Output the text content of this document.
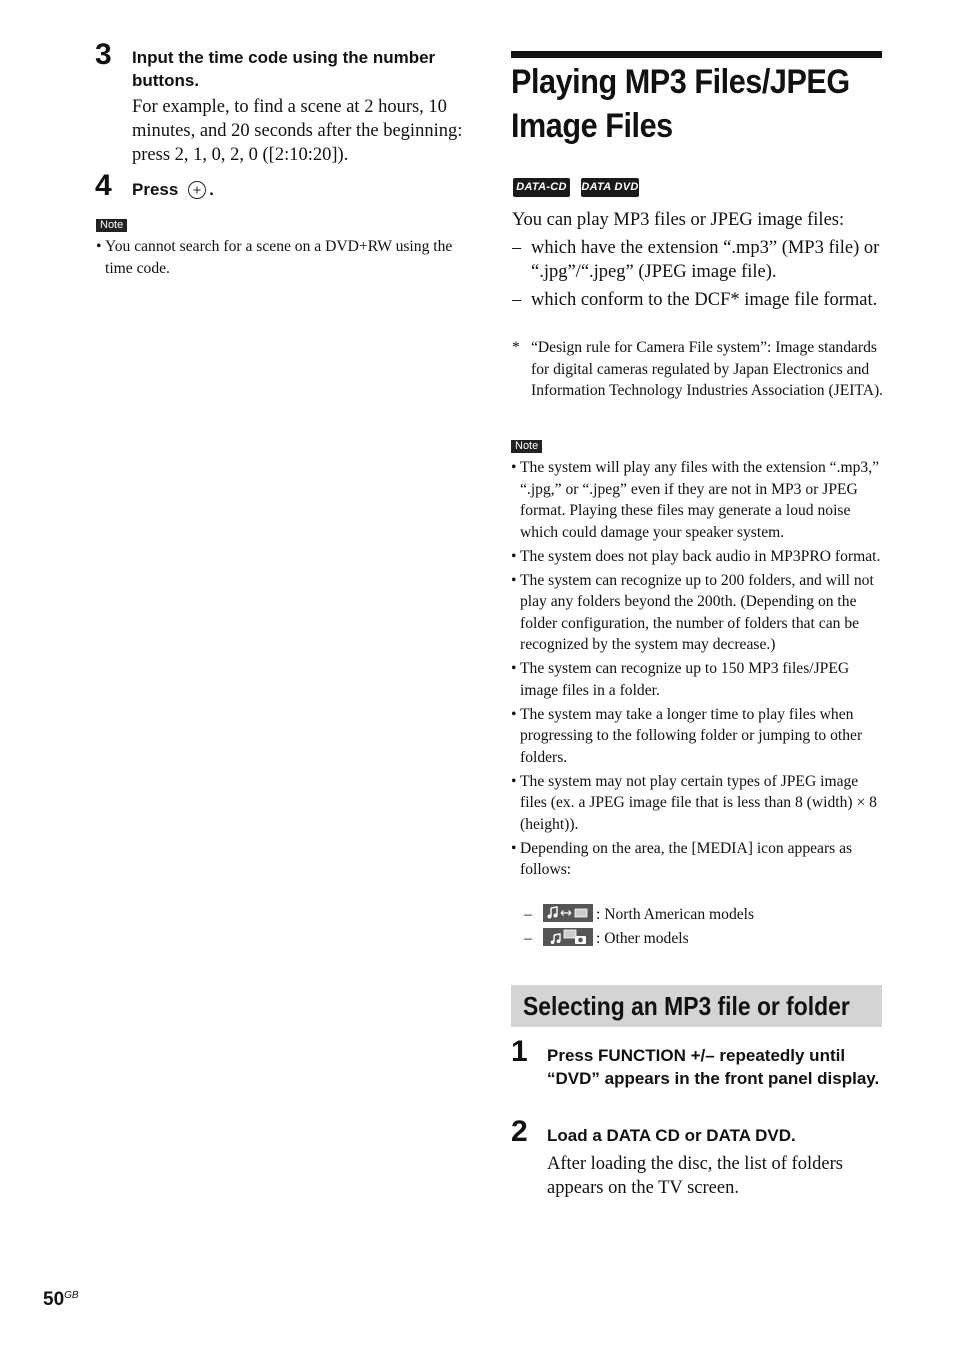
3 Input the time code using the number buttons.
For example, to find a scene at 2 hours, 10 minutes, and 20 seconds after the beginning: press 2, 1, 0, 2, 0 ([2:10:20]).
4 Press .
Note
• You cannot search for a scene on a DVD+RW using the time code.
Playing MP3 Files/JPEG
Image Files
DATA-CD DATA DVD
You can play MP3 files or JPEG image files:
– which have the extension “.mp3” (MP3 file) or “.jpg”/“.jpeg” (JPEG image file).
– which conform to the DCF* image file format.
* “Design rule for Camera File system”: Image standards for digital cameras regulated by Japan Electronics and Information Technology Industries Association (JEITA).
Note
• The system will play any files with the extension “.mp3,” “.jpg,” or “.jpeg” even if they are not in MP3 or JPEG format. Playing these files may generate a loud noise which could damage your speaker system.
• The system does not play back audio in MP3PRO format.
• The system can recognize up to 200 folders, and will not play any folders beyond the 200th. (Depending on the folder configuration, the number of folders that can be recognized by the system may decrease.)
• The system can recognize up to 150 MP3 files/JPEG image files in a folder.
• The system may take a longer time to play files when progressing to the following folder or jumping to other folders.
• The system may not play certain types of JPEG image files (ex. a JPEG image file that is less than 8 (width) × 8 (height)).
• Depending on the area, the [MEDIA] icon appears as follows:
–	: North American models
–	: Other models
Selecting an MP3 file or folder
1 Press FUNCTION +/– repeatedly until “DVD” appears in the front panel display.
2 Load a DATA CD or DATA DVD.
After loading the disc, the list of folders appears on the TV screen.
$50^{GB}$
